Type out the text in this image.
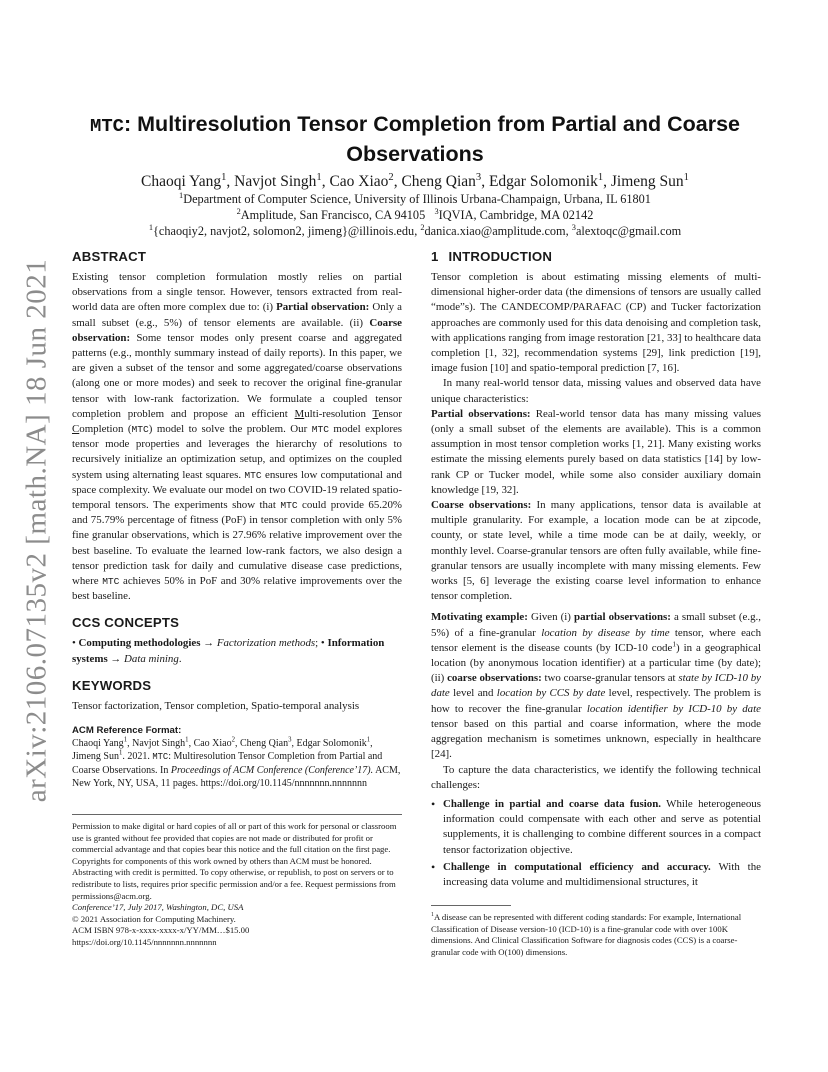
arXiv:2106.07135v2 [math.NA] 18 Jun 2021
MTC: Multiresolution Tensor Completion from Partial and Coarse
Observations
Chaoqi Yang$^1$, Navjot Singh$^1$, Cao Xiao$^2$, Cheng Qian$^3$, Edgar Solomonik$^1$, Jimeng Sun$^1$
$^1$Department of Computer Science, University of Illinois Urbana-Champaign, Urbana, IL 61801
$^2$Amplitude, San Francisco, CA 94105 $^3$IQVIA, Cambridge, MA 02142
$^1${chaoqiy2, navjot2, solomon2, jimeng}@illinois.edu, $^2$danica.xiao@amplitude.com, $^3$alextoqc@gmail.com
ABSTRACT

Existing tensor completion formulation mostly relies on partial observations from a single tensor. However, tensors extracted from real-world data are often more complex due to: (i) Partial observation: Only a small subset (e.g., 5%) of tensor elements are available. (ii) Coarse observation: Some tensor modes only present coarse and aggregated patterns (e.g., monthly summary instead of daily reports). In this paper, we are given a subset of the tensor and some aggregated/coarse observations (along one or more modes) and seek to recover the original fine-granular tensor with low-rank factorization. We formulate a coupled tensor completion problem and propose an efficient Multi-resolution Tensor Completion (MTC) model to solve the problem. Our MTC model explores tensor mode properties and leverages the hierarchy of resolutions to recursively initialize an optimization setup, and optimizes on the coupled system using alternating least squares. MTC ensures low computational and space complexity. We evaluate our model on two COVID-19 related spatio-temporal tensors. The experiments show that MTC could provide 65.20% and 75.79% percentage of fitness (PoF) in tensor completion with only 5% fine granular observations, which is 27.96% relative improvement over the best baseline. To evaluate the learned low-rank factors, we also design a tensor prediction task for daily and cumulative disease case predictions, where MTC achieves 50% in PoF and 30% relative improvements over the best baseline.

CCS CONCEPTS

• Computing methodologies → Factorization methods; • Information systems → Data mining.

KEYWORDS

Tensor factorization, Tensor completion, Spatio-temporal analysis

ACM Reference Format:

Chaoqi Yang$^1$, Navjot Singh$^1$, Cao Xiao$^2$, Cheng Qian$^3$, Edgar Solomonik$^1$, Jimeng Sun$^1$. 2021. MTC: Multiresolution Tensor Completion from Partial and Coarse Observations. In Proceedings of ACM Conference (Conference’17). ACM, New York, NY, USA, 11 pages. https://doi.org/10.1145/nnnnnnn.nnnnnnn

Permission to make digital or hard copies of all or part of this work for personal or classroom use is granted without fee provided that copies are not made or distributed for profit or commercial advantage and that copies bear this notice and the full citation on the first page. Copyrights for components of this work owned by others than ACM must be honored. Abstracting with credit is permitted. To copy otherwise, or republish, to post on servers or to redistribute to lists, requires prior specific permission and/or a fee. Request permissions from permissions@acm.org.

Conference’17, July 2017, Washington, DC, USA

© 2021 Association for Computing Machinery.

ACM ISBN 978-x-xxxx-xxxx-x/YY/MM…$15.00

https://doi.org/10.1145/nnnnnnn.nnnnnnn

1 INTRODUCTION

Tensor completion is about estimating missing elements of multi-dimensional higher-order data (the dimensions of tensors are usually called “mode”s). The CANDECOMP/PARAFAC (CP) and Tucker factorization approaches are commonly used for this data denoising and completion task, with applications ranging from image restoration [21, 33] to healthcare data completion [1, 32], recommendation systems [29], link prediction [19], image fusion [10] and spatio-temporal prediction [7, 16].

In many real-world tensor data, missing values and observed data have unique characteristics:

Partial observations: Real-world tensor data has many missing values (only a small subset of the elements are available). This is a common assumption in most tensor completion works [1, 21]. Many existing works estimate the missing elements purely based on data statistics [14] by low-rank CP or Tucker model, while some also consider auxiliary domain knowledge [19, 32].

Coarse observations: In many applications, tensor data is available at multiple granularity. For example, a location mode can be at zipcode, county, or state level, while a time mode can be at daily, weekly, or monthly level. Coarse-granular tensors are often fully available, while fine-granular tensors are usually incomplete with many missing elements. Few works [5, 6] leverage the existing coarse level information to enhance tensor completion.

Motivating example: Given (i) partial observations: a small subset (e.g., 5%) of a fine-granular location by disease by time tensor, where each tensor element is the disease counts (by ICD-10 code$^1$) in a geographical location (by anonymous location identifier) at a particular time (by date); (ii) coarse observations: two coarse-granular tensors at state by ICD-10 by date level and location by CCS by date level, respectively. The problem is how to recover the fine-granular location identifier by ICD-10 by date tensor based on this partial and coarse information, where the mode aggregation mechanism is sometimes unknown, especially in healthcare [24].

To capture the data characteristics, we identify the following technical challenges:

• Challenge in partial and coarse data fusion. While heterogeneous information could compensate with each other and serve as potential supplements, it is challenging to combine different sources in a compact tensor factorization objective.
• Challenge in computational efficiency and accuracy. With the increasing data volume and multidimensional structures, it

$^1$A disease can be represented with different coding standards: For example, International Classification of Disease version-10 (ICD-10) is a fine-granular code with over 100K dimensions. And Clinical Classification Software for diagnosis codes (CCS) is a coarse-granular code with O(100) dimensions.
